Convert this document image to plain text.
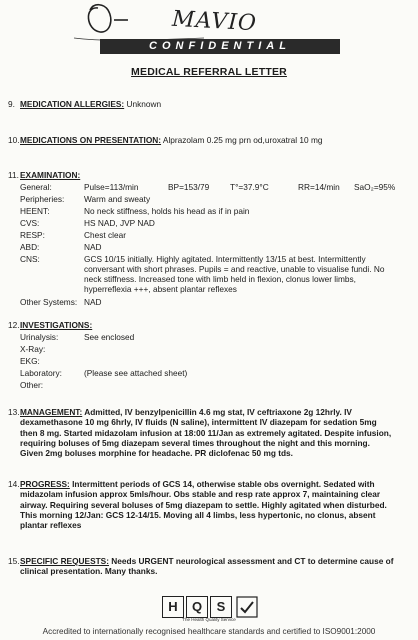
MAVIO
CONFIDENTIAL
MEDICAL REFERRAL LETTER
9. MEDICATION ALLERGIES: Unknown
10. MEDICATIONS ON PRESENTATION: Alprazolam 0.25 mg prn od,uroxatral 10 mg
11. EXAMINATION:
General:	Pulse=113/min	BP=153/79 T°=37.9°C	RR=14/min SaO₂=95%
Peripheries: Warm and sweaty
HEENT:	No neck stiffness, holds his head as if in pain
CVS:	HS NAD, JVP NAD
RESP:	Chest clear
ABD:	NAD
CNS:	GCS 10/15 initially. Highly agitated. Intermittently 13/15 at best. Intermittently
conversant with short phrases. Pupils = and reactive, unable to visualise fundi. No
neck stiffness. Increased tone with limb held in flexion, clonus lower limbs,
hyperreflexia +++, absent plantar reflexes
Other Systems: NAD
12. INVESTIGATIONS:
Urinalysis:	See enclosed
X-Ray:
EKG:
Laboratory:	(Please see attached sheet)
Other:
13. MANAGEMENT: Admitted, IV benzylpenicillin 4.6 mg stat, IV ceftriaxone 2g 12hrly. IV
dexamethasone 10 mg 6hrly, IV fluids (N saline), intermittent IV diazepam for sedation 5mg
then 8 mg. Started midazolam infusion at 18:00 11/Jan as extremely agitated. Despite infusion,
requiring boluses of 5mg diazepam several times throughout the night and this morning.
Given 2mg boluses morphine for headache. PR diclofenac 50 mg tds.
14. PROGRESS: Intermittent periods of GCS 14, otherwise stable obs overnight. Sedated with
midazolam infusion approx 5mls/hour. Obs stable and resp rate approx 7, maintaining clear
airway. Requiring several boluses of 5mg diazepam to settle. Highly agitated when disturbed.
This morning 12/Jan: GCS 12-14/15. Moving all 4 limbs, less hypertonic, no clonus, absent
plantar reflexes
15. SPECIFIC REQUESTS: Needs URGENT neurological assessment and CT to determine cause of
clinical presentation. Many thanks.
H	Q	S
The Health Quality Service
Accredited to internationally recognised healthcare standards and certified to ISO9001:2000
